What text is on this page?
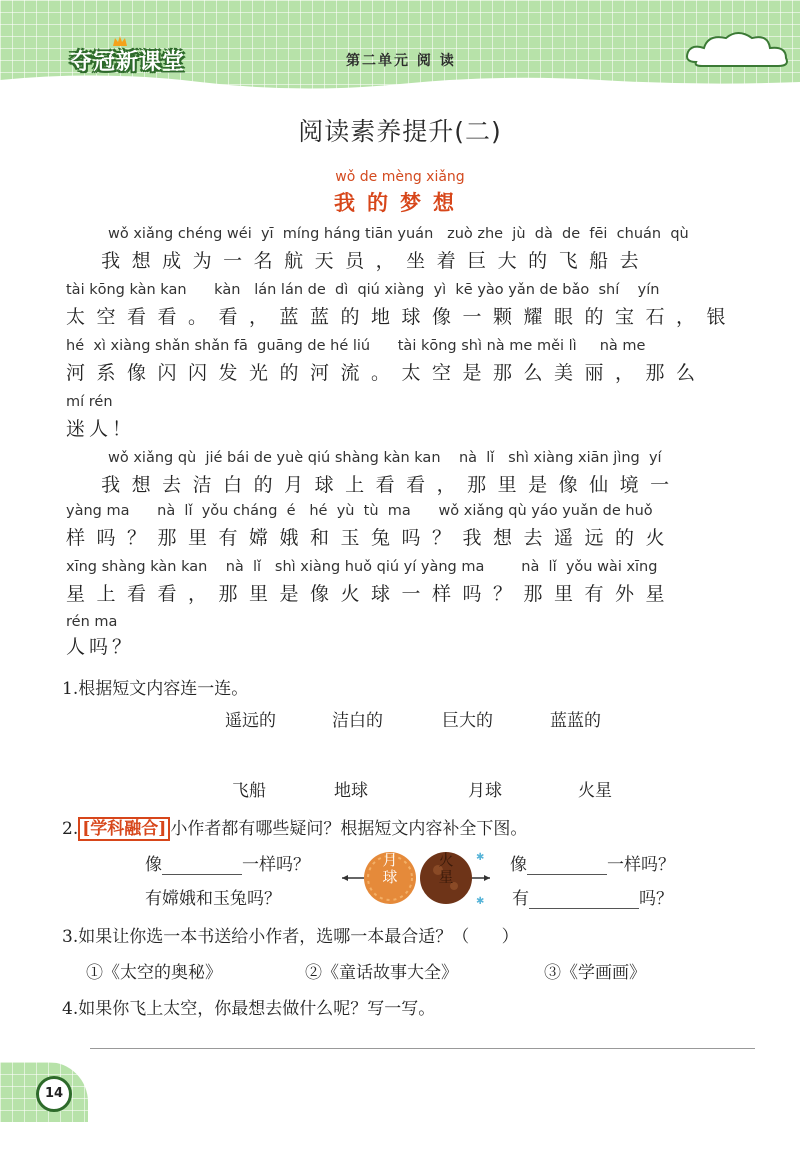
夺冠新课堂	第二单元 阅 读
阅读素养提升(二)
wǒ de mèng xiǎng
我的梦想
wǒ xiǎng chéng wéi  yī  míng háng tiān yuán   zuò zhe  jù  dà  de  fēi  chuán  qù
我想成为一名航天员，坐着巨大的飞船去
tài kōng kàn kan      kàn   lán lán de  dì  qiú xiàng  yì  kē yào yǎn de bǎo  shí    yín
太空看看。看，蓝蓝的地球像一颗耀眼的宝石，银
hé  xì xiàng shǎn shǎn fā  guāng de hé liú      tài kōng shì nà me měi lì     nà me
河系像闪闪发光的河流。太空是那么美丽，那么
mí rén
迷人！
wǒ xiǎng qù  jié bái de yuè qiú shàng kàn kan    nà  lǐ   shì xiàng xiān jìng  yí
我想去洁白的月球上看看，那里是像仙境一
yàng ma      nà  lǐ  yǒu cháng  é   hé  yù  tù  ma      wǒ xiǎng qù yáo yuǎn de huǒ
样吗？那里有嫦娥和玉兔吗？我想去遥远的火
xīng shàng kàn kan    nà  lǐ   shì xiàng huǒ qiú yí yàng ma        nà  lǐ  yǒu wài xīng
星上看看，那里是像火球一样吗？那里有外星
rén ma
人吗？
1.根据短文内容连一连。
遥远的	洁白的	巨大的	蓝蓝的
飞船	地球	月球	火星
2. [学科融合] 小作者都有哪些疑问？根据短文内容补全下图。
像	一样吗？
有嫦娥和玉兔吗？
✱
✱
月球
火星
像	一样吗？
有	吗？
3.如果让你选一本书送给小作者，选哪一本最合适？（      ）
①《太空的奥秘》	②《童话故事大全》	③《学画画》
4.如果你飞上太空，你最想去做什么呢？写一写。
14
